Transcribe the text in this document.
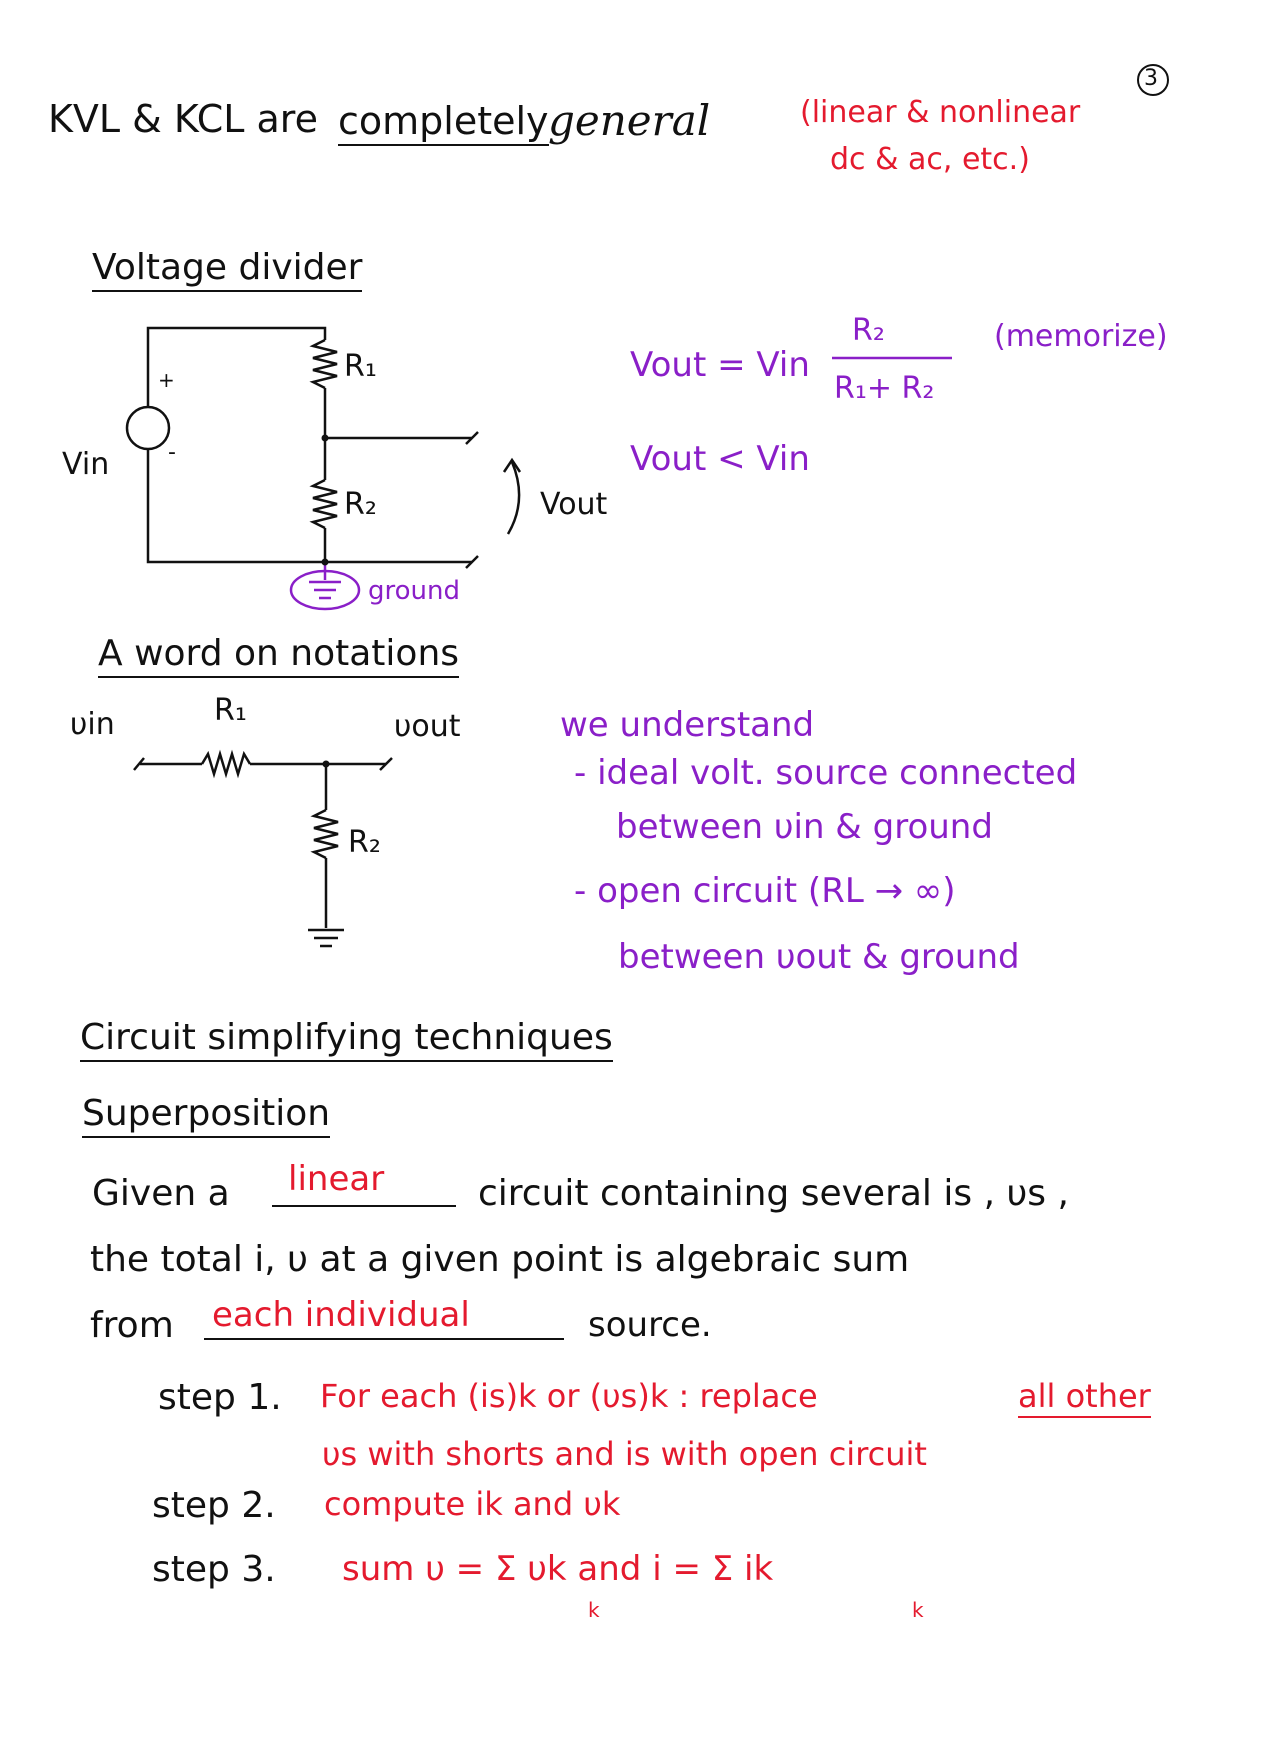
3
KVL & KCL are completely general	(linear & nonlinear
dc & ac, etc.)
Voltage divider
+
-
Vin
R₁
R₂	Vout
ground
Vout = Vin
R₂
R₁+ R₂
(memorize)
Vout < Vin
A word on notations
υin	R₁	υout
R₂
we understand
- ideal volt. source connected
between υin & ground
- open circuit (RL → ∞)
between υout & ground
Circuit simplifying techniques
Superposition
Given a linear	circuit containing several is , υs ,
the total i, υ at a given point is algebraic sum
from each individual	source.
step 1. For each (is)k or (υs)k : replace	all other
υs with shorts and is with open circuit
step 2. compute ik and υk
step 3. sum υ = Σ υk and i = Σ ik
k	k
